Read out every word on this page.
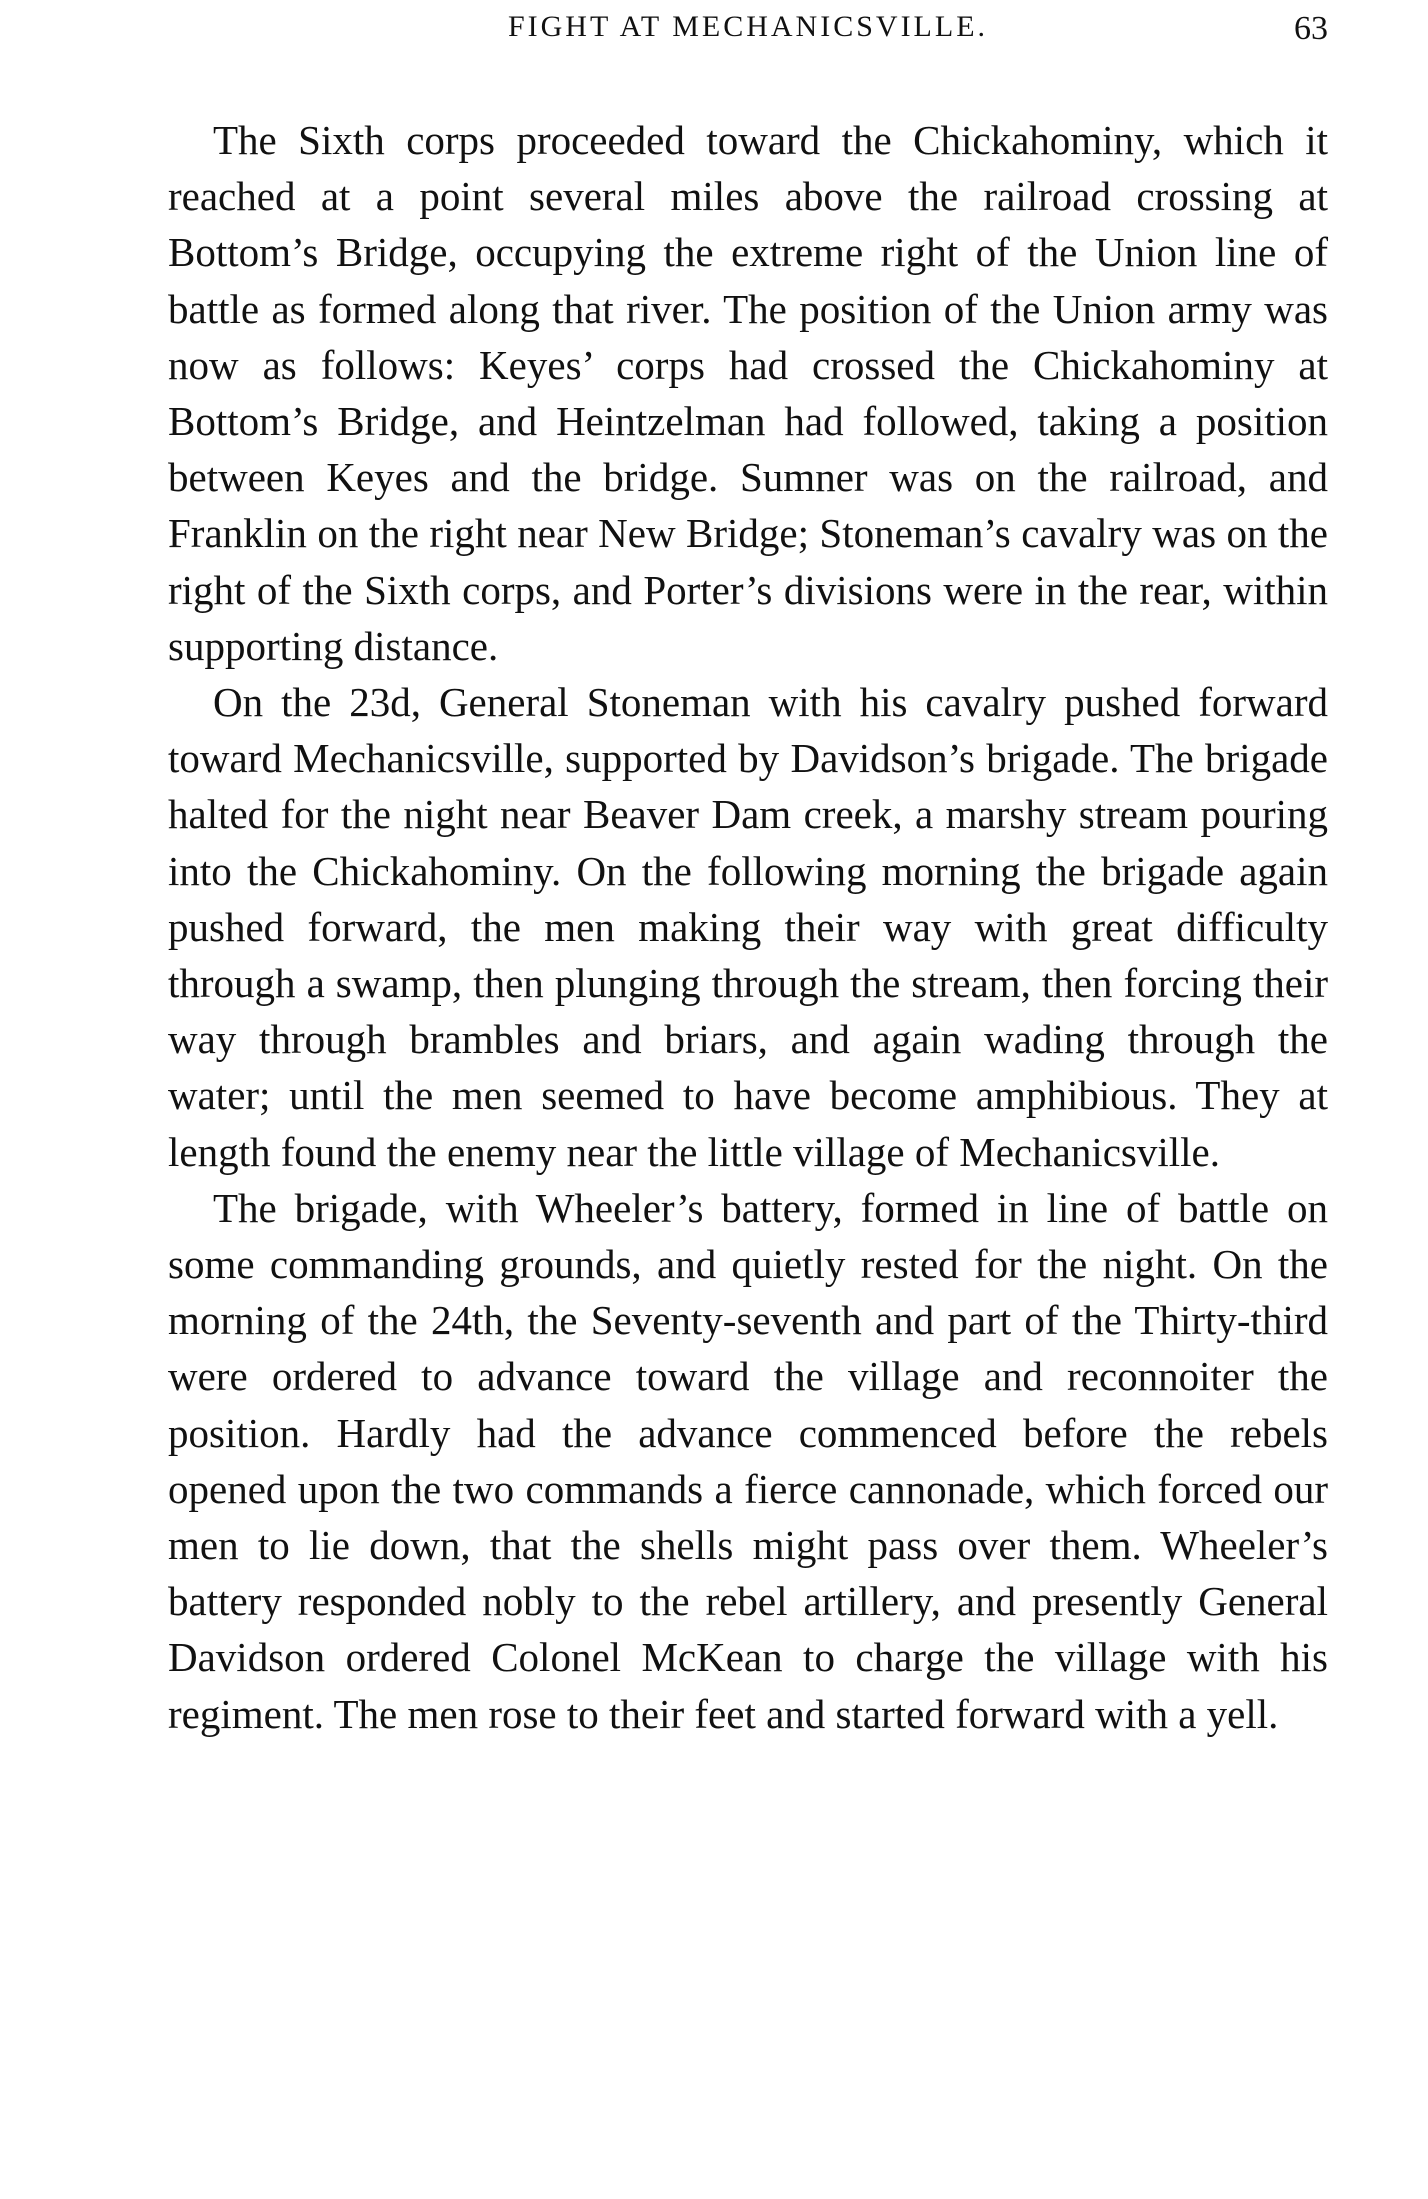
FIGHT AT MECHANICSVILLE.	63

The Sixth corps proceeded toward the Chickahominy, which it reached at a point several miles above the railroad crossing at Bottom’s Bridge, occupying the extreme right of the Union line of battle as formed along that river. The position of the Union army was now as follows: Keyes’ corps had crossed the Chickahominy at Bottom’s Bridge, and Heintzelman had followed, taking a position between Keyes and the bridge. Sumner was on the railroad, and Franklin on the right near New Bridge; Stoneman’s cavalry was on the right of the Sixth corps, and Porter’s divisions were in the rear, within supporting distance.

On the 23d, General Stoneman with his cavalry pushed forward toward Mechanicsville, supported by Davidson’s brigade. The brigade halted for the night near Beaver Dam creek, a marshy stream pouring into the Chickahominy. On the following morning the brigade again pushed forward, the men making their way with great difficulty through a swamp, then plunging through the stream, then forcing their way through brambles and briars, and again wading through the water; until the men seemed to have become amphibious. They at length found the enemy near the little village of Mechanicsville.

The brigade, with Wheeler’s battery, formed in line of battle on some commanding grounds, and quietly rested for the night. On the morning of the 24th, the Seventy-seventh and part of the Thirty-third were ordered to advance toward the village and reconnoiter the position. Hardly had the advance commenced before the rebels opened upon the two commands a fierce cannonade, which forced our men to lie down, that the shells might pass over them. Wheeler’s battery responded nobly to the rebel artillery, and presently General Davidson ordered Colonel McKean to charge the village with his regiment. The men rose to their feet and started forward with a yell.
